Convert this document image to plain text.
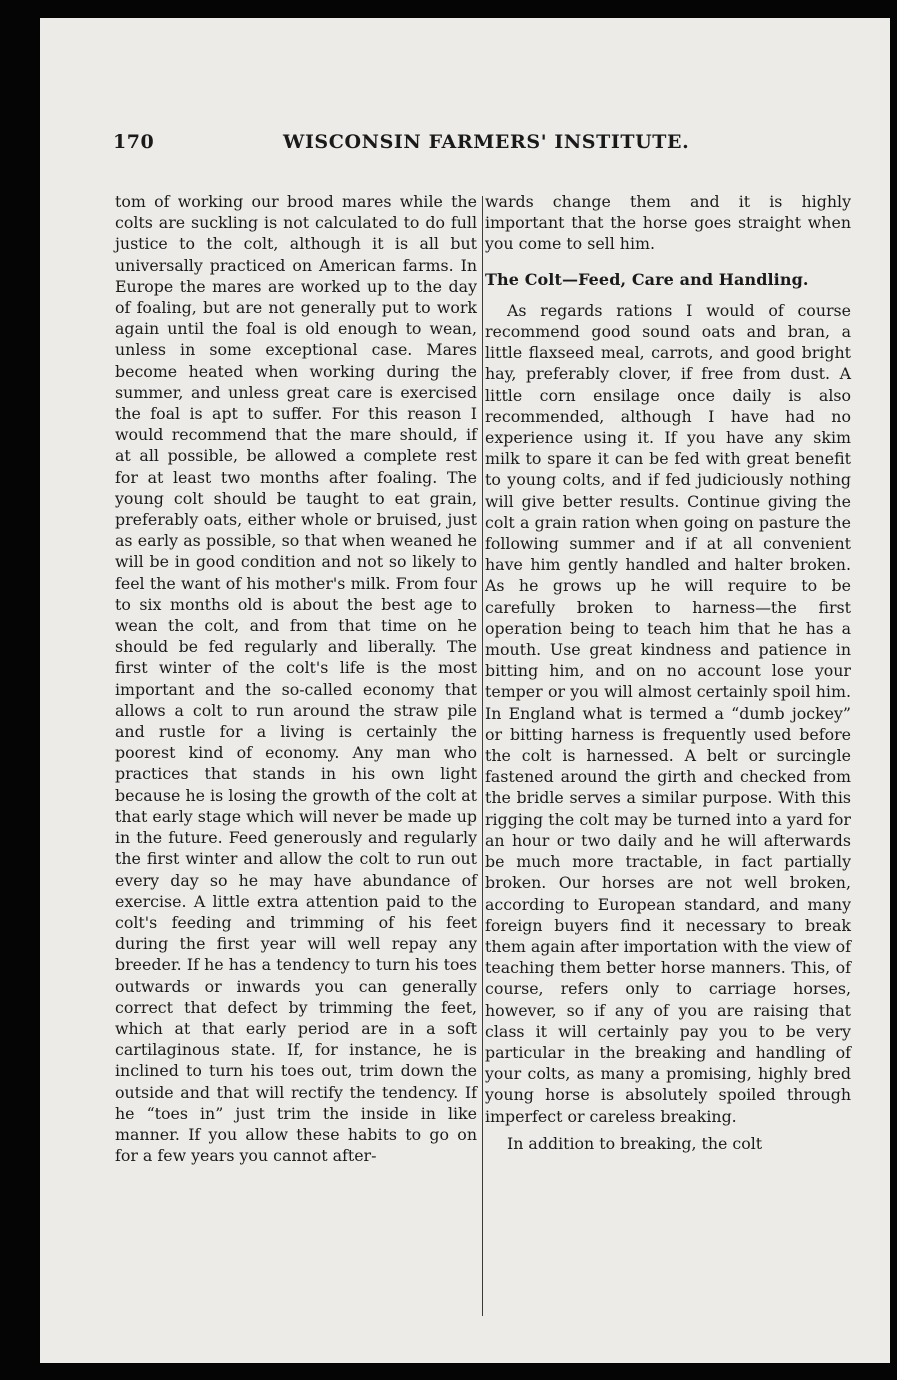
170	WISCONSIN FARMERS' INSTITUTE.

tom of working our brood mares while the colts are suckling is not calculated to do full justice to the colt, although it is all but universally practiced on American farms. In Europe the mares are worked up to the day of foaling, but are not generally put to work again until the foal is old enough to wean, unless in some exceptional case. Mares become heated when working during the summer, and unless great care is exercised the foal is apt to suffer. For this reason I would recommend that the mare should, if at all possible, be allowed a complete rest for at least two months after foaling. The young colt should be taught to eat grain, preferably oats, either whole or bruised, just as early as possible, so that when weaned he will be in good condition and not so likely to feel the want of his mother's milk. From four to six months old is about the best age to wean the colt, and from that time on he should be fed regularly and liberally. The first winter of the colt's life is the most important and the so-called economy that allows a colt to run around the straw pile and rustle for a living is certainly the poorest kind of economy. Any man who practices that stands in his own light because he is losing the growth of the colt at that early stage which will never be made up in the future. Feed generously and regularly the first winter and allow the colt to run out every day so he may have abundance of exercise. A little extra attention paid to the colt's feeding and trimming of his feet during the first year will well repay any breeder. If he has a tendency to turn his toes outwards or inwards you can generally correct that defect by trimming the feet, which at that early period are in a soft cartilaginous state. If, for instance, he is inclined to turn his toes out, trim down the outside and that will rectify the tendency. If he “toes in” just trim the inside in like manner. If you allow these habits to go on for a few years you cannot after-

wards change them and it is highly important that the horse goes straight when you come to sell him.

The Colt—Feed, Care and Handling.

As regards rations I would of course recommend good sound oats and bran, a little flaxseed meal, carrots, and good bright hay, preferably clover, if free from dust. A little corn ensilage once daily is also recommended, although I have had no experience using it. If you have any skim milk to spare it can be fed with great benefit to young colts, and if fed judiciously nothing will give better results. Continue giving the colt a grain ration when going on pasture the following summer and if at all convenient have him gently handled and halter broken. As he grows up he will require to be carefully broken to harness—the first operation being to teach him that he has a mouth. Use great kindness and patience in bitting him, and on no account lose your temper or you will almost certainly spoil him. In England what is termed a “dumb jockey” or bitting harness is frequently used before the colt is harnessed. A belt or surcingle fastened around the girth and checked from the bridle serves a similar purpose. With this rigging the colt may be turned into a yard for an hour or two daily and he will afterwards be much more tractable, in fact partially broken. Our horses are not well broken, according to European standard, and many foreign buyers find it necessary to break them again after importation with the view of teaching them better horse manners. This, of course, refers only to carriage horses, however, so if any of you are raising that class it will certainly pay you to be very particular in the breaking and handling of your colts, as many a promising, highly bred young horse is absolutely spoiled through imperfect or careless breaking.

In addition to breaking, the colt
